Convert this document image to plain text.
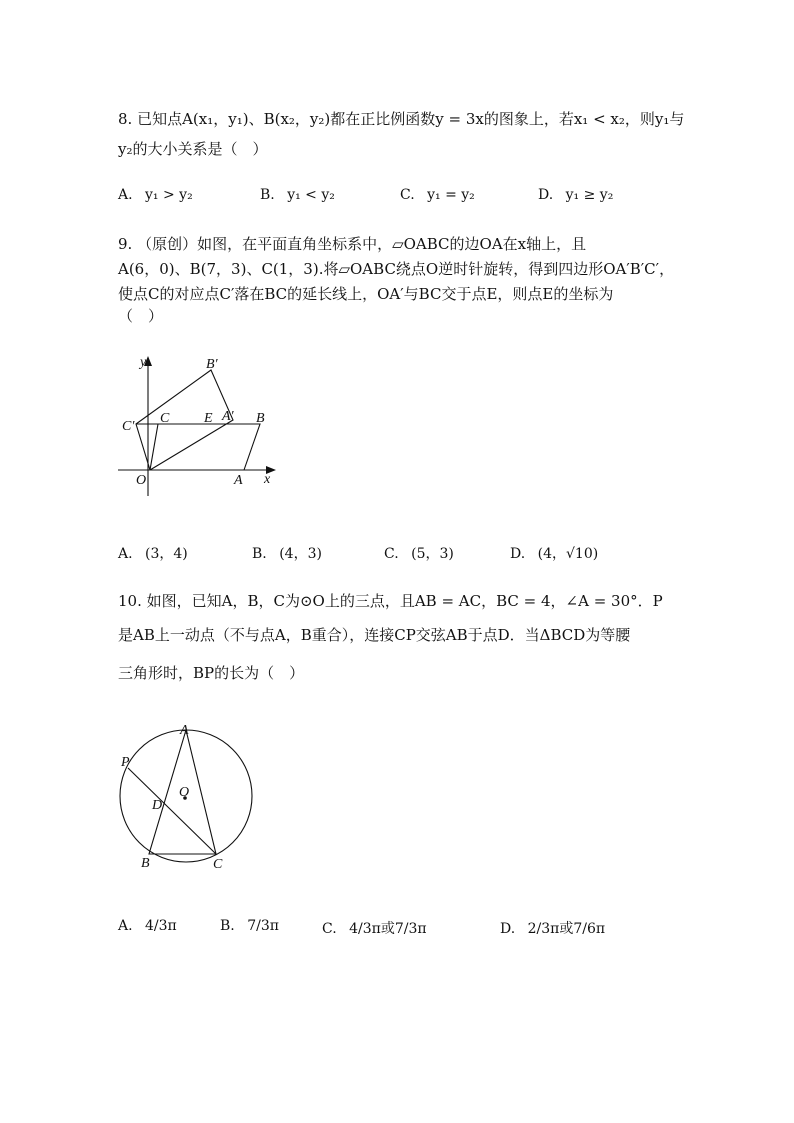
8. 已知点A(x₁，y₁)、B(x₂，y₂)都在正比例函数y = 3x的图象上，若x₁ < x₂，则y₁与
y₂的大小关系是（　）
A. y₁ > y₂	B. y₁ < y₂	C. y₁ = y₂	D. y₁ ≥ y₂
9. （原创）如图，在平面直角坐标系中，▱OABC的边OA在x轴上，且
A(6，0)、B(7，3)、C(1，3).将▱OABC绕点O逆时针旋转，得到四边形OA′B′C′，
使点C的对应点C′落在BC的延长线上，OA′与BC交于点E，则点E的坐标为
（　）
y
x
O	A
B
C E A′
B′
C′
A. (3，4)	B. (4，3)	C. (5，3)	D. (4，√10)
10. 如图，已知A，B，C为⊙O上的三点，且AB = AC，BC = 4，∠A = 30°．P
是AB上一动点（不与点A，B重合），连接CP交弦AB于点D．当ΔBCD为等腰
三角形时，BP的长为（　）
A
B	C
D
O
P
A. 4/3π	B. 7/3π	C. 4/3π或7/3π	D. 2/3π或7/6π
